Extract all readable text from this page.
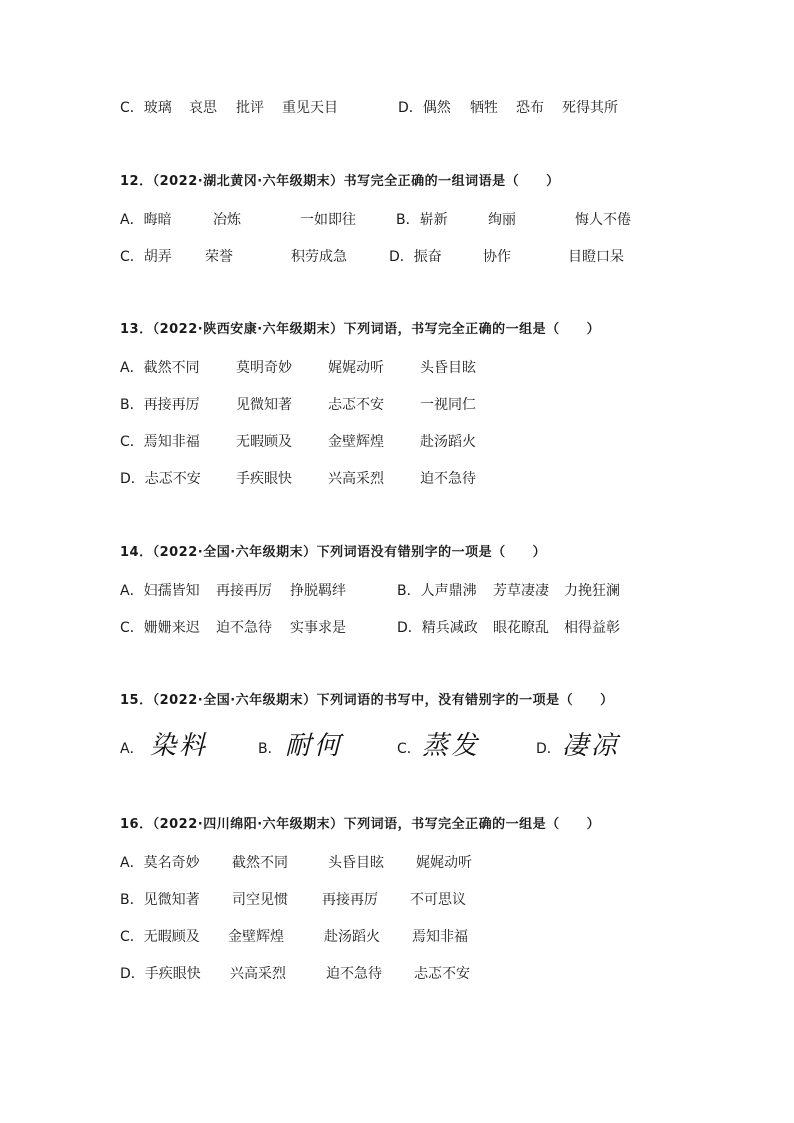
C．玻璃 哀思 批评 重见天目	D．偶然 牺牲 恐布 死得其所
12．（2022·湖北黄冈·六年级期末）书写完全正确的一组词语是（　　）
A．晦暗	冶炼	一如即往	B．崭新	绚丽	悔人不倦
C．胡弄 荣誉	积劳成急	D．振奋	协作	目瞪口呆
13．（2022·陕西安康·六年级期末）下列词语，书写完全正确的一组是（　　）
A．截然不同	莫明奇妙	娓娓动听	头昏目眩
B．再接再厉	见微知著	忐忑不安	一视同仁
C．焉知非福	无暇顾及	金壁辉煌	赴汤蹈火
D．忐忑不安	手疾眼快	兴高采烈	迫不急待
14．（2022·全国·六年级期末）下列词语没有错别字的一项是（　　）
A．妇孺皆知 再接再厉 挣脱羁绊	B．人声鼎沸 芳草凄凄 力挽狂澜
C．姗姗来迟 迫不急待 实事求是	D．精兵减政 眼花瞭乱 相得益彰
15．（2022·全国·六年级期末）下列词语的书写中，没有错别字的一项是（　　）
A． 染料	B． 耐何	C． 蒸发	D． 凄凉
16．（2022·四川绵阳·六年级期末）下列词语，书写完全正确的一组是（　　）
A．莫名奇妙 截然不同	头昏目眩 娓娓动听
B．见微知著 司空见惯 再接再厉 不可思议
C．无暇顾及 金壁辉煌	赴汤蹈火 焉知非福
D．手疾眼快 兴高采烈	迫不急待 忐忑不安
